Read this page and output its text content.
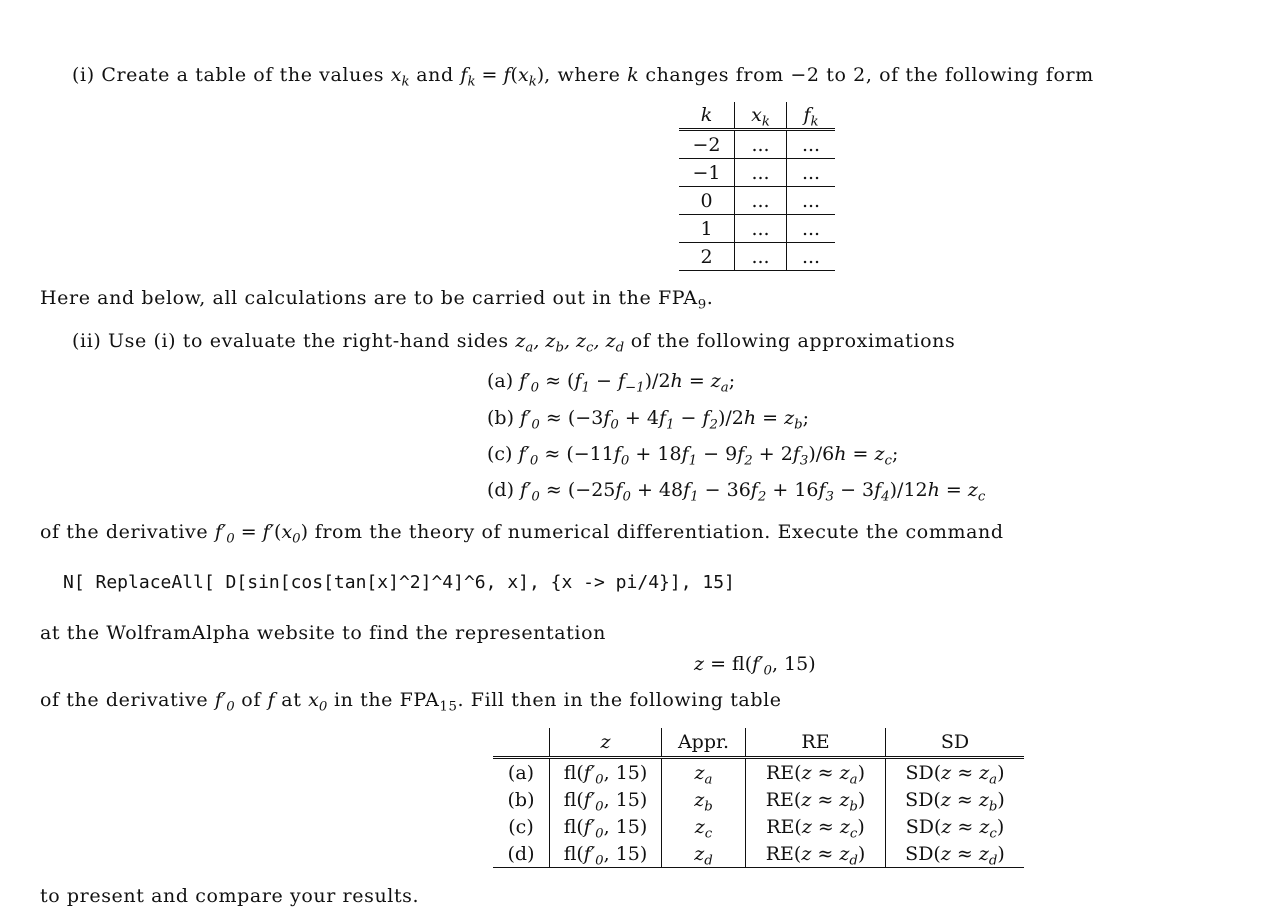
(i) Create a table of the values $x_k$ and $f_k = f(x_k)$, where k changes from −2 to 2, of the following form
k	$x_k$	$f_k$
−2	...	...
−1	...	...
0	...	...
1	...	...
2	...	...
Here and below, all calculations are to be carried out in the $FPA_9$.
(ii) Use (i) to evaluate the right-hand sides $z_a$, $z_b$, $z_c$, $z_d$ of the following approximations
(a) $f'_0 \approx (f_1 - f_{-1})/2h = z_a$;
(b) $f'_0 \approx (-3f_0 + 4f_1 - f_2)/2h = z_b$;
(c) $f'_0 \approx (-11f_0 + 18f_1 - 9f_2 + 2f_3)/6h = z_c$;
(d) $f'_0 \approx (-25f_0 + 48f_1 - 36f_2 + 16f_3 - 3f_4)/12h = z_c$
of the derivative $f'_0 = f'(x_0)$ from the theory of numerical differentiation. Execute the command
N[ ReplaceAll[ D[sin[cos[tan[x]^2]^4]^6, x], {x -> pi/4}], 15]
at the WolframAlpha website to find the representation
$z = fl(f'_0$, 15)
of the derivative $f'_0$ of f at $x_0$ in the $FPA_{15}$. Fill then in the following table
	z	Appr.	RE	SD
(a)	$fl(f'_0$, 15)	$z_a$	$RE(z \approx z_a)$	$SD(z \approx z_a)$
(b)	$fl(f'_0$, 15)	$z_b$	$RE(z \approx z_b)$	$SD(z \approx z_b)$
(c)	$fl(f'_0$, 15)	$z_c$	$RE(z \approx z_c)$	$SD(z \approx z_c)$
(d)	$fl(f'_0$, 15)	$z_d$	$RE(z \approx z_d)$	$SD(z \approx z_d)$
to present and compare your results.
